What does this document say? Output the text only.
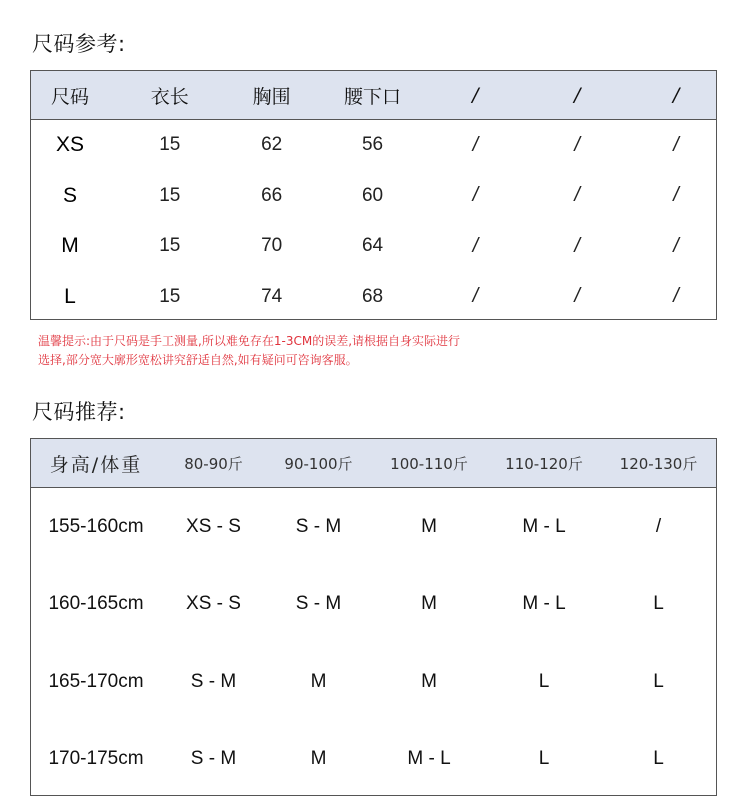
尺码参考:
尺码	衣长	胸围	腰下口	/	/	/
XS	15	62	56	/	/	/
S	15	66	60	/	/	/
M	15	70	64	/	/	/
L	15	74	68	/	/	/
温馨提示:由于尺码是手工测量,所以难免存在1-3CM的误差,请根据自身实际进行
选择,部分宽大廓形宽松讲究舒适自然,如有疑问可咨询客服。
尺码推荐:
身高/体重	80-90斤	90-100斤	100-110斤	110-120斤	120-130斤
155-160cm	XS - S	S - M	M	M - L	/
160-165cm	XS - S	S - M	M	M - L	L
165-170cm	S - M	M	M	L	L
170-175cm	S - M	M	M - L	L	L
